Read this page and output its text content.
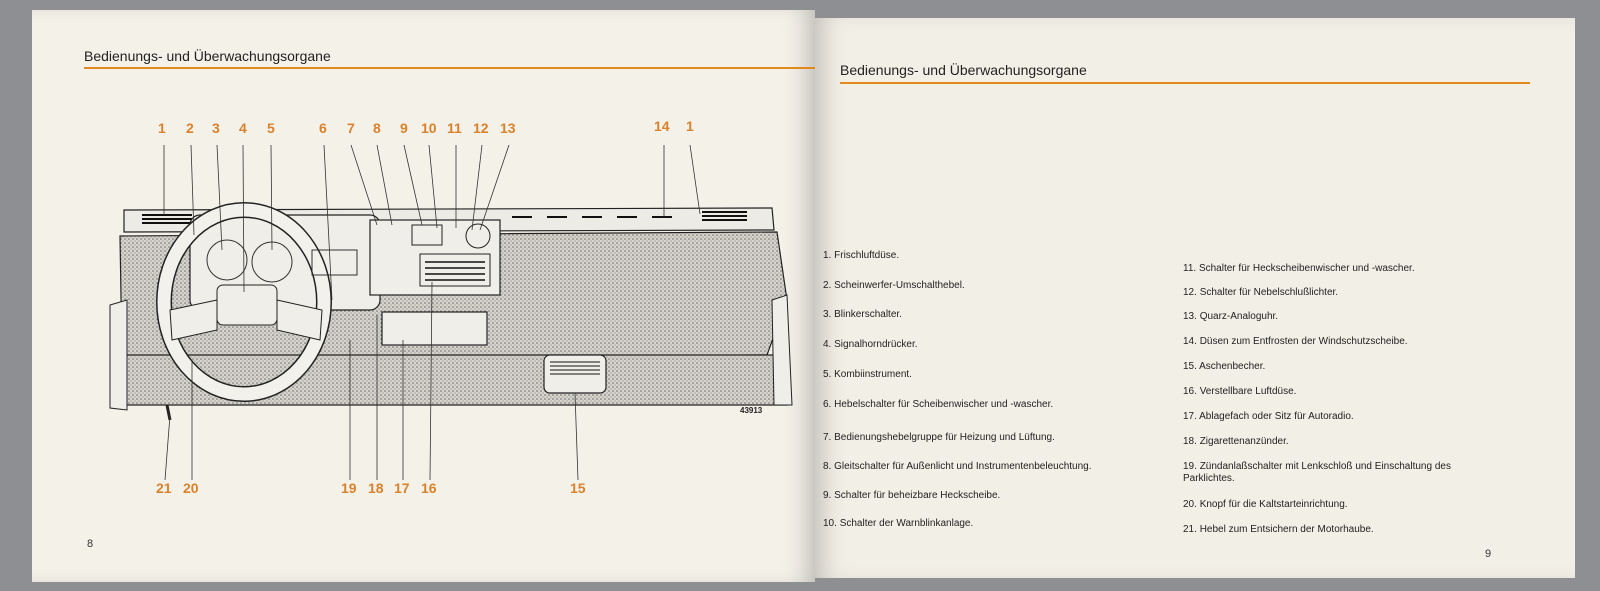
Bedienungs- und Überwachungsorgane
1 2 3 4 5	6 7 8 9 10 11 12 13	14 1
21 20	19 18 17 16	15
43913
8
Bedienungs- und Überwachungsorgane
9
1. Frischluftdüse.
2. Scheinwerfer-Umschalthebel.
3. Blinkerschalter.
4. Signalhorndrücker.
5. Kombiinstrument.
6. Hebelschalter für Scheibenwischer und -wascher.
7. Bedienungshebelgruppe für Heizung und Lüftung.
8. Gleitschalter für Außenlicht und Instrumentenbeleuchtung.
9. Schalter für beheizbare Heckscheibe.
10. Schalter der Warnblinkanlage.
11. Schalter für Heckscheibenwischer und -wascher.
12. Schalter für Nebelschlußlichter.
13. Quarz-Analoguhr.
14. Düsen zum Entfrosten der Windschutzscheibe.
15. Aschenbecher.
16. Verstellbare Luftdüse.
17. Ablagefach oder Sitz für Autoradio.
18. Zigarettenanzünder.
19. Zündanlaßschalter mit Lenkschloß und Einschaltung des Parklichtes.
20. Knopf für die Kaltstarteinrichtung.
21. Hebel zum Entsichern der Motorhaube.
